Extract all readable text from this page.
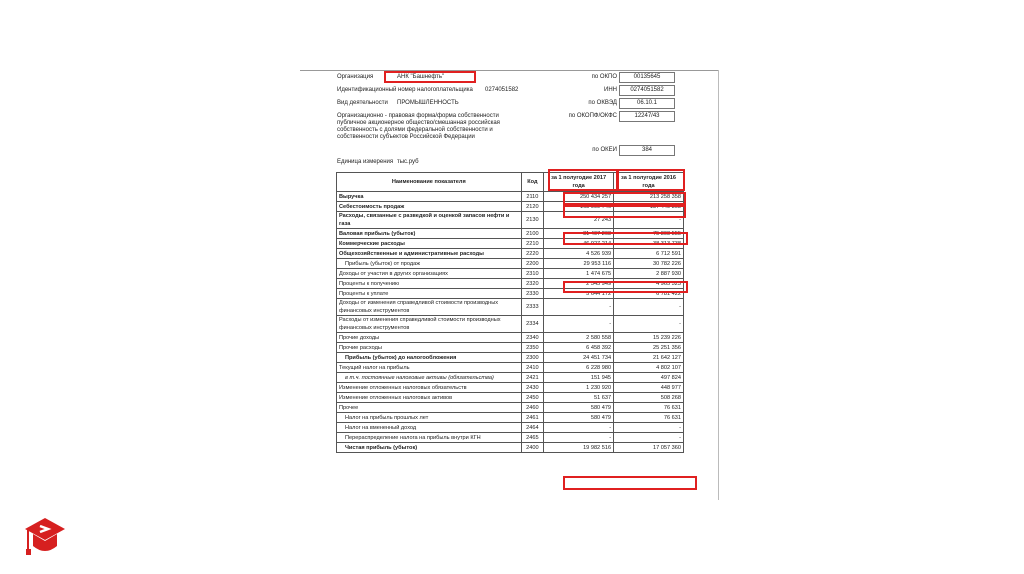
Организация	АНК "Башнефть"	по ОКПО	00135645
Идентификационный номер налогоплательщика 0274051582	ИНН	0274051582
Вид деятельности ПРОМЫШЛЕННОСТЬ	по ОКВЭД	06.10.1
Организационно - правовая форма/форма собственности
публичное акционерное общество/смешанная российская собственность с долями федеральной собственности и собственности субъектов Российской Федерации
по ОКОПФ/ОКФС	12247/43
по ОКЕИ	384
Единица измерения тыс.руб
Наименование показателя	Код	за 1 полугодие 2017 года	за 1 полугодие 2016 года
Выручка	2110	250 434 257	213 258 358
Себестоимость продаж	2120	168 999 746	137 449 803
Расходы, связанные с разведкой и оценкой запасов нефти и газа	2130	27 243	-
Валовая прибыль (убыток)	2100	81 407 268	75 808 555
Коммерческие расходы	2210	46 927 214	38 313 738
Общехозяйственные и административные расходы	2220	4 526 939	6 712 591
Прибыль (убыток) от продаж	2200	29 953 116	30 782 226
Доходы от участия в других организациях	2310	1 474 675	2 887 930
Проценты к получению	2320	2 545 949	4 965 523
Проценты к уплате	2330	5 644 172	6 781 422
Доходы от изменения справедливой стоимости производных финансовых инструментов	2333	-	-
Расходы от изменения справедливой стоимости производных финансовых инструментов	2334	-	-
Прочие доходы	2340	2 580 558	15 239 226
Прочие расходы	2350	6 458 392	25 251 356
Прибыль (убыток) до налогообложения	2300	24 451 734	21 642 127
Текущий налог на прибыль	2410	6 228 980	4 802 107
в т.ч. постоянные налоговые активы (обязательства)	2421	151 945	497 824
Изменение отложенных налоговых обязательств	2430	1 230 920	448 977
Изменение отложенных налоговых активов	2450	51 637	508 268
Прочее	2460	580 479	76 631
Налог на прибыль прошлых лет	2461	580 479	76 631
Налог на вмененный доход	2464	-	-
Перераспределение налога на прибыль внутри КГН	2465	-	-
Чистая прибыль (убыток)	2400	19 982 516	17 057 360
